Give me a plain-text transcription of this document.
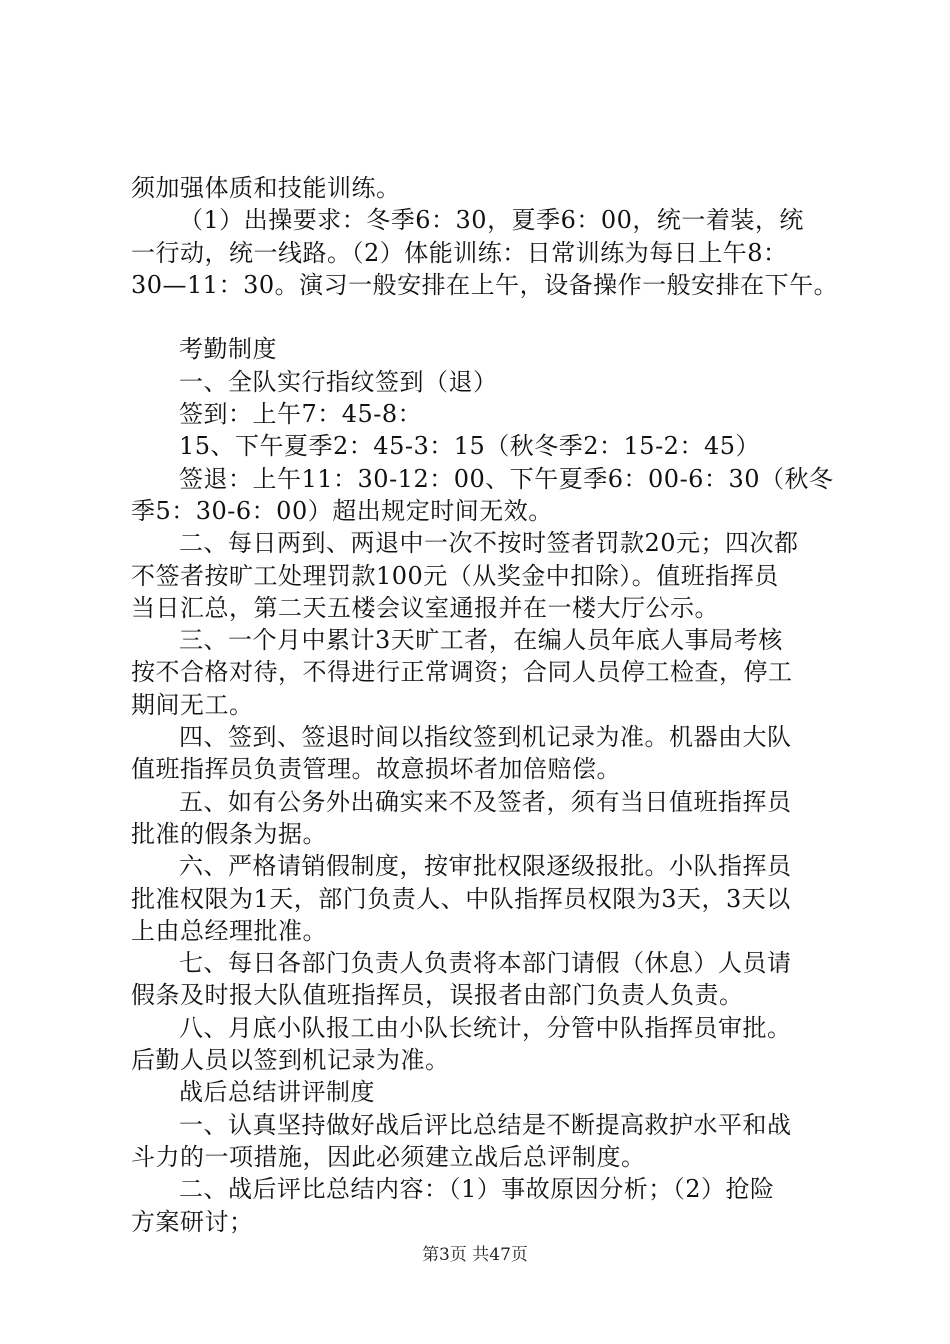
须加强体质和技能训练。
（1）出操要求：冬季6：30，夏季6：00，统一着装，统
一行动，统一线路。（2）体能训练：日常训练为每日上午8：
30—11：30。演习一般安排在上午，设备操作一般安排在下午。
考勤制度
一、全队实行指纹签到（退）
签到：上午7：45-8：
15、下午夏季2：45-3：15（秋冬季2：15-2：45）
签退：上午11：30-12：00、下午夏季6：00-6：30（秋冬
季5：30-6：00）超出规定时间无效。
二、每日两到、两退中一次不按时签者罚款20元；四次都
不签者按旷工处理罚款100元（从奖金中扣除）。值班指挥员
当日汇总，第二天五楼会议室通报并在一楼大厅公示。
三、一个月中累计3天旷工者，在编人员年底人事局考核
按不合格对待，不得进行正常调资；合同人员停工检查，停工
期间无工。
四、签到、签退时间以指纹签到机记录为准。机器由大队
值班指挥员负责管理。故意损坏者加倍赔偿。
五、如有公务外出确实来不及签者，须有当日值班指挥员
批准的假条为据。
六、严格请销假制度，按审批权限逐级报批。小队指挥员
批准权限为1天，部门负责人、中队指挥员权限为3天，3天以
上由总经理批准。
七、每日各部门负责人负责将本部门请假（休息）人员请
假条及时报大队值班指挥员，误报者由部门负责人负责。
八、月底小队报工由小队长统计，分管中队指挥员审批。
后勤人员以签到机记录为准。
战后总结讲评制度
一、认真坚持做好战后评比总结是不断提高救护水平和战
斗力的一项措施，因此必须建立战后总评制度。
二、战后评比总结内容：（1）事故原因分析；（2）抢险
方案研讨；
第3页 共47页
